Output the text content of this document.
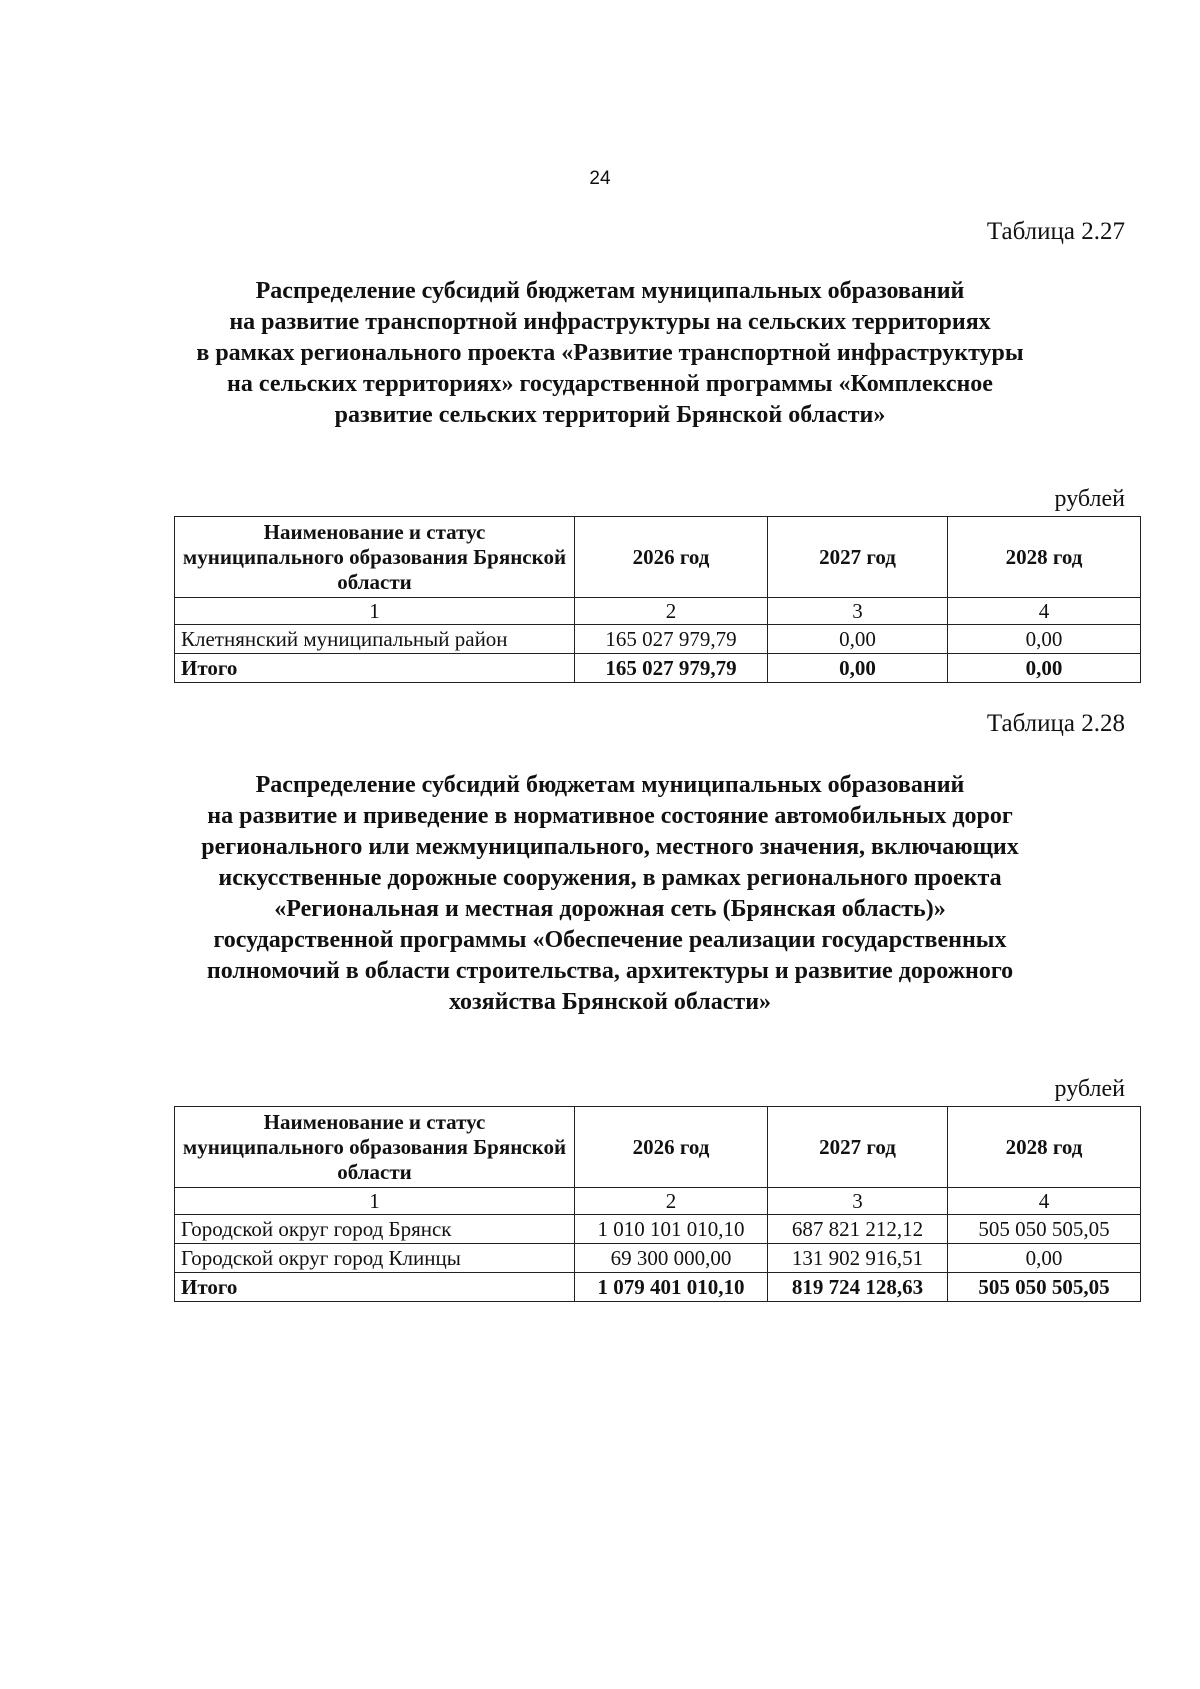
24
Таблица 2.27
Распределение субсидий бюджетам муниципальных образований
на развитие транспортной инфраструктуры на сельских территориях
в рамках регионального проекта «Развитие транспортной инфраструктуры
на сельских территориях» государственной программы «Комплексное
развитие сельских территорий Брянской области»
рублей
Наименование и статус муниципального образования Брянской области	2026 год	2027 год	2028 год
1	2	3	4
Клетнянский муниципальный район	165 027 979,79	0,00	0,00
Итого	165 027 979,79	0,00	0,00
Таблица 2.28
Распределение субсидий бюджетам муниципальных образований
на развитие и приведение в нормативное состояние автомобильных дорог
регионального или межмуниципального, местного значения, включающих
искусственные дорожные сооружения, в рамках регионального проекта
«Региональная и местная дорожная сеть (Брянская область)»
государственной программы «Обеспечение реализации государственных
полномочий в области строительства, архитектуры и развитие дорожного
хозяйства Брянской области»
рублей
Наименование и статус муниципального образования Брянской области	2026 год	2027 год	2028 год
1	2	3	4
Городской округ город Брянск	1 010 101 010,10	687 821 212,12	505 050 505,05
Городской округ город Клинцы	69 300 000,00	131 902 916,51	0,00
Итого	1 079 401 010,10	819 724 128,63	505 050 505,05
